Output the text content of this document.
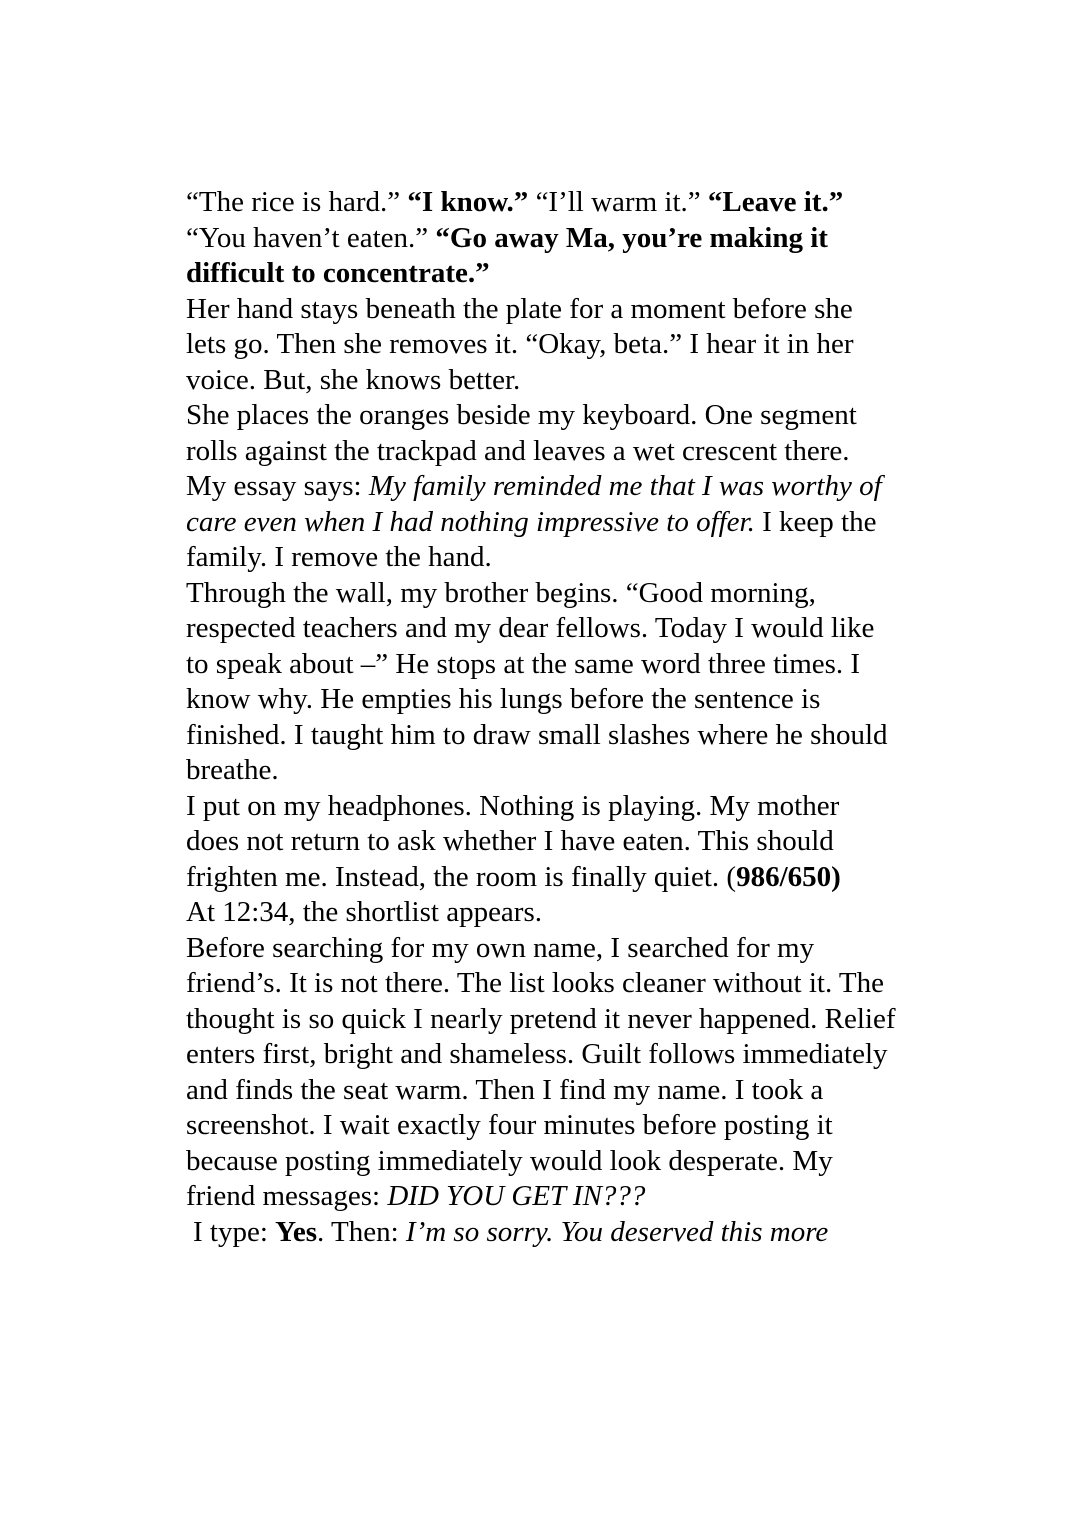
“The rice is hard.” “I know.” “I’ll warm it.” “Leave it.” “You haven’t eaten.” “Go away Ma, you’re making it difficult to concentrate.”

Her hand stays beneath the plate for a moment before she lets go. Then she removes it. “Okay, beta.” I hear it in her voice. But, she knows better.

She places the oranges beside my keyboard. One segment rolls against the trackpad and leaves a wet crescent there.

My essay says: My family reminded me that I was worthy of care even when I had nothing impressive to offer. I keep the family. I remove the hand.

Through the wall, my brother begins. “Good morning, respected teachers and my dear fellows. Today I would like to speak about –” He stops at the same word three times. I know why. He empties his lungs before the sentence is finished. I taught him to draw small slashes where he should breathe.

I put on my headphones. Nothing is playing. My mother does not return to ask whether I have eaten. This should frighten me. Instead, the room is finally quiet. (986/650)

At 12:34, the shortlist appears.

Before searching for my own name, I searched for my friend’s. It is not there. The list looks cleaner without it. The thought is so quick I nearly pretend it never happened. Relief enters first, bright and shameless. Guilt follows immediately and finds the seat warm. Then I find my name. I took a screenshot. I wait exactly four minutes before posting it because posting immediately would look desperate. My friend messages: DID YOU GET IN???

I type: Yes. Then: I’m so sorry. You deserved this more
